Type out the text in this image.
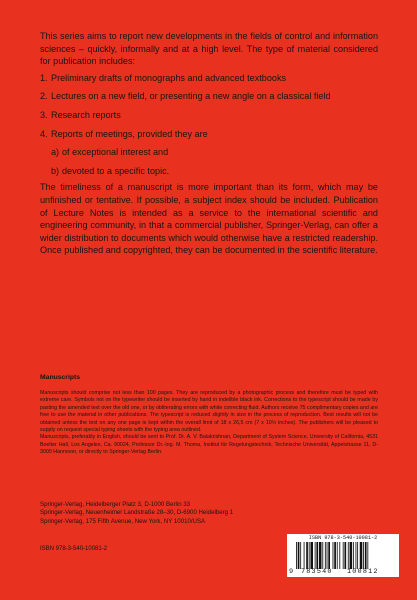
This series aims to report new developments in the fields of control and information sciences – quickly, informally and at a high level. The type of material considered for publication includes:

1. Preliminary drafts of monographs and advanced textbooks
2. Lectures on a new field, or presenting a new angle on a classical field
3. Research reports
4. Reports of meetings, provided they are
a) of exceptional interest and
b) devoted to a specific topic.

The timeliness of a manuscript is more important than its form, which may be unfinished or tentative. If possible, a subject index should be included. Publication of Lecture Notes is intended as a service to the international scientific and engineering community, in that a commercial publisher, Springer-Verlag, can offer a wider distribution to documents which would otherwise have a restricted readership. Once published and copyrighted, they can be documented in the scientific literature.

Manuscripts

Manuscripts should comprise not less than 100 pages. They are reproduced by a photographic process and therefore must be typed with extreme care. Symbols not on the typewriter should be inserted by hand in indelible black ink. Corrections to the typescript should be made by pasting the amended text over the old one, or by obliterating errors with white correcting fluid. Authors receive 75 complimentary copies and are free to use the material in other publications. The typescript is reduced slightly in size in the process of reproduction. Best results will not be obtained unless the text on any one page is kept within the overall limit of 18 x 26,5 cm (7 x 10½ inches). The publishers will be pleased to supply on request special typing sheets with the typing area outlined.

Manuscripts, preferably in English, should be sent to Prof. Dr. A. V. Balakrishnan, Department of System Science, University of California, 4531 Boelter Hall, Los Angeles, Ca. 90024, Professor Dr.-Ing. M. Thoma, Institut für Regelungstechnik, Technische Universität, Appelstrasse 11, D-3000 Hannover, or directly to Springer-Verlag Berlin.

Springer-Verlag, Heidelberger Platz 3, D-1000 Berlin 33

Springer-Verlag, Neuenheimer Landstraße 28–30, D-6900 Heidelberg 1

Springer-Verlag, 175 Fifth Avenue, New York, NY 10010/USA

ISBN 978-3-540-10081-2
ISBN 978-3-540-10081-2
9 783540 100812
